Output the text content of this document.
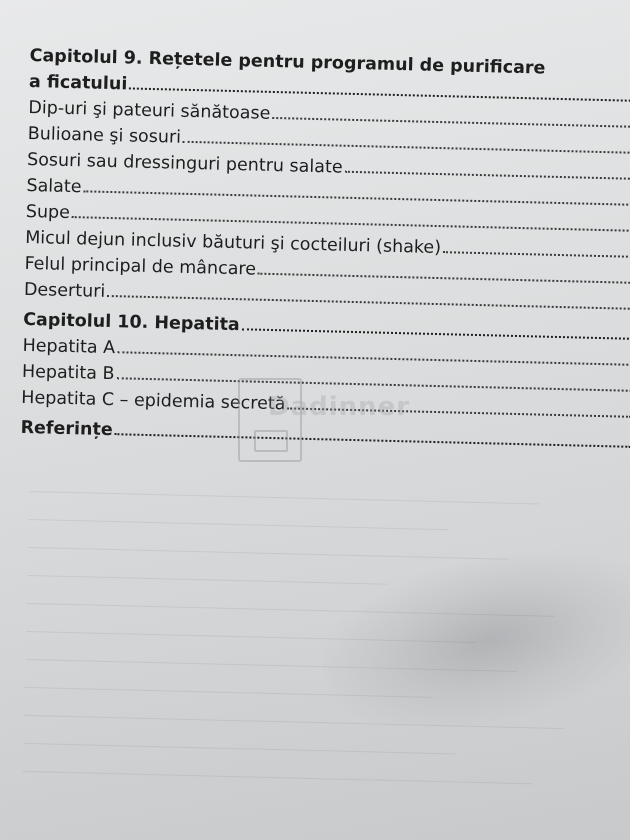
Capitolul 9. Rețetele pentru programul de purificare
a ficatului
Dip-uri şi pateuri sănătoase
Bulioane şi sosuri
Sosuri sau dressinguri pentru salate
Salate
Supe
Micul dejun inclusiv băuturi şi cocteiluri (shake)
Felul principal de mâncare
Deserturi
Capitolul 10. Hepatita
Hepatita A
Hepatita B
Hepatita C – epidemia secretă
Referințe
Dadinner
